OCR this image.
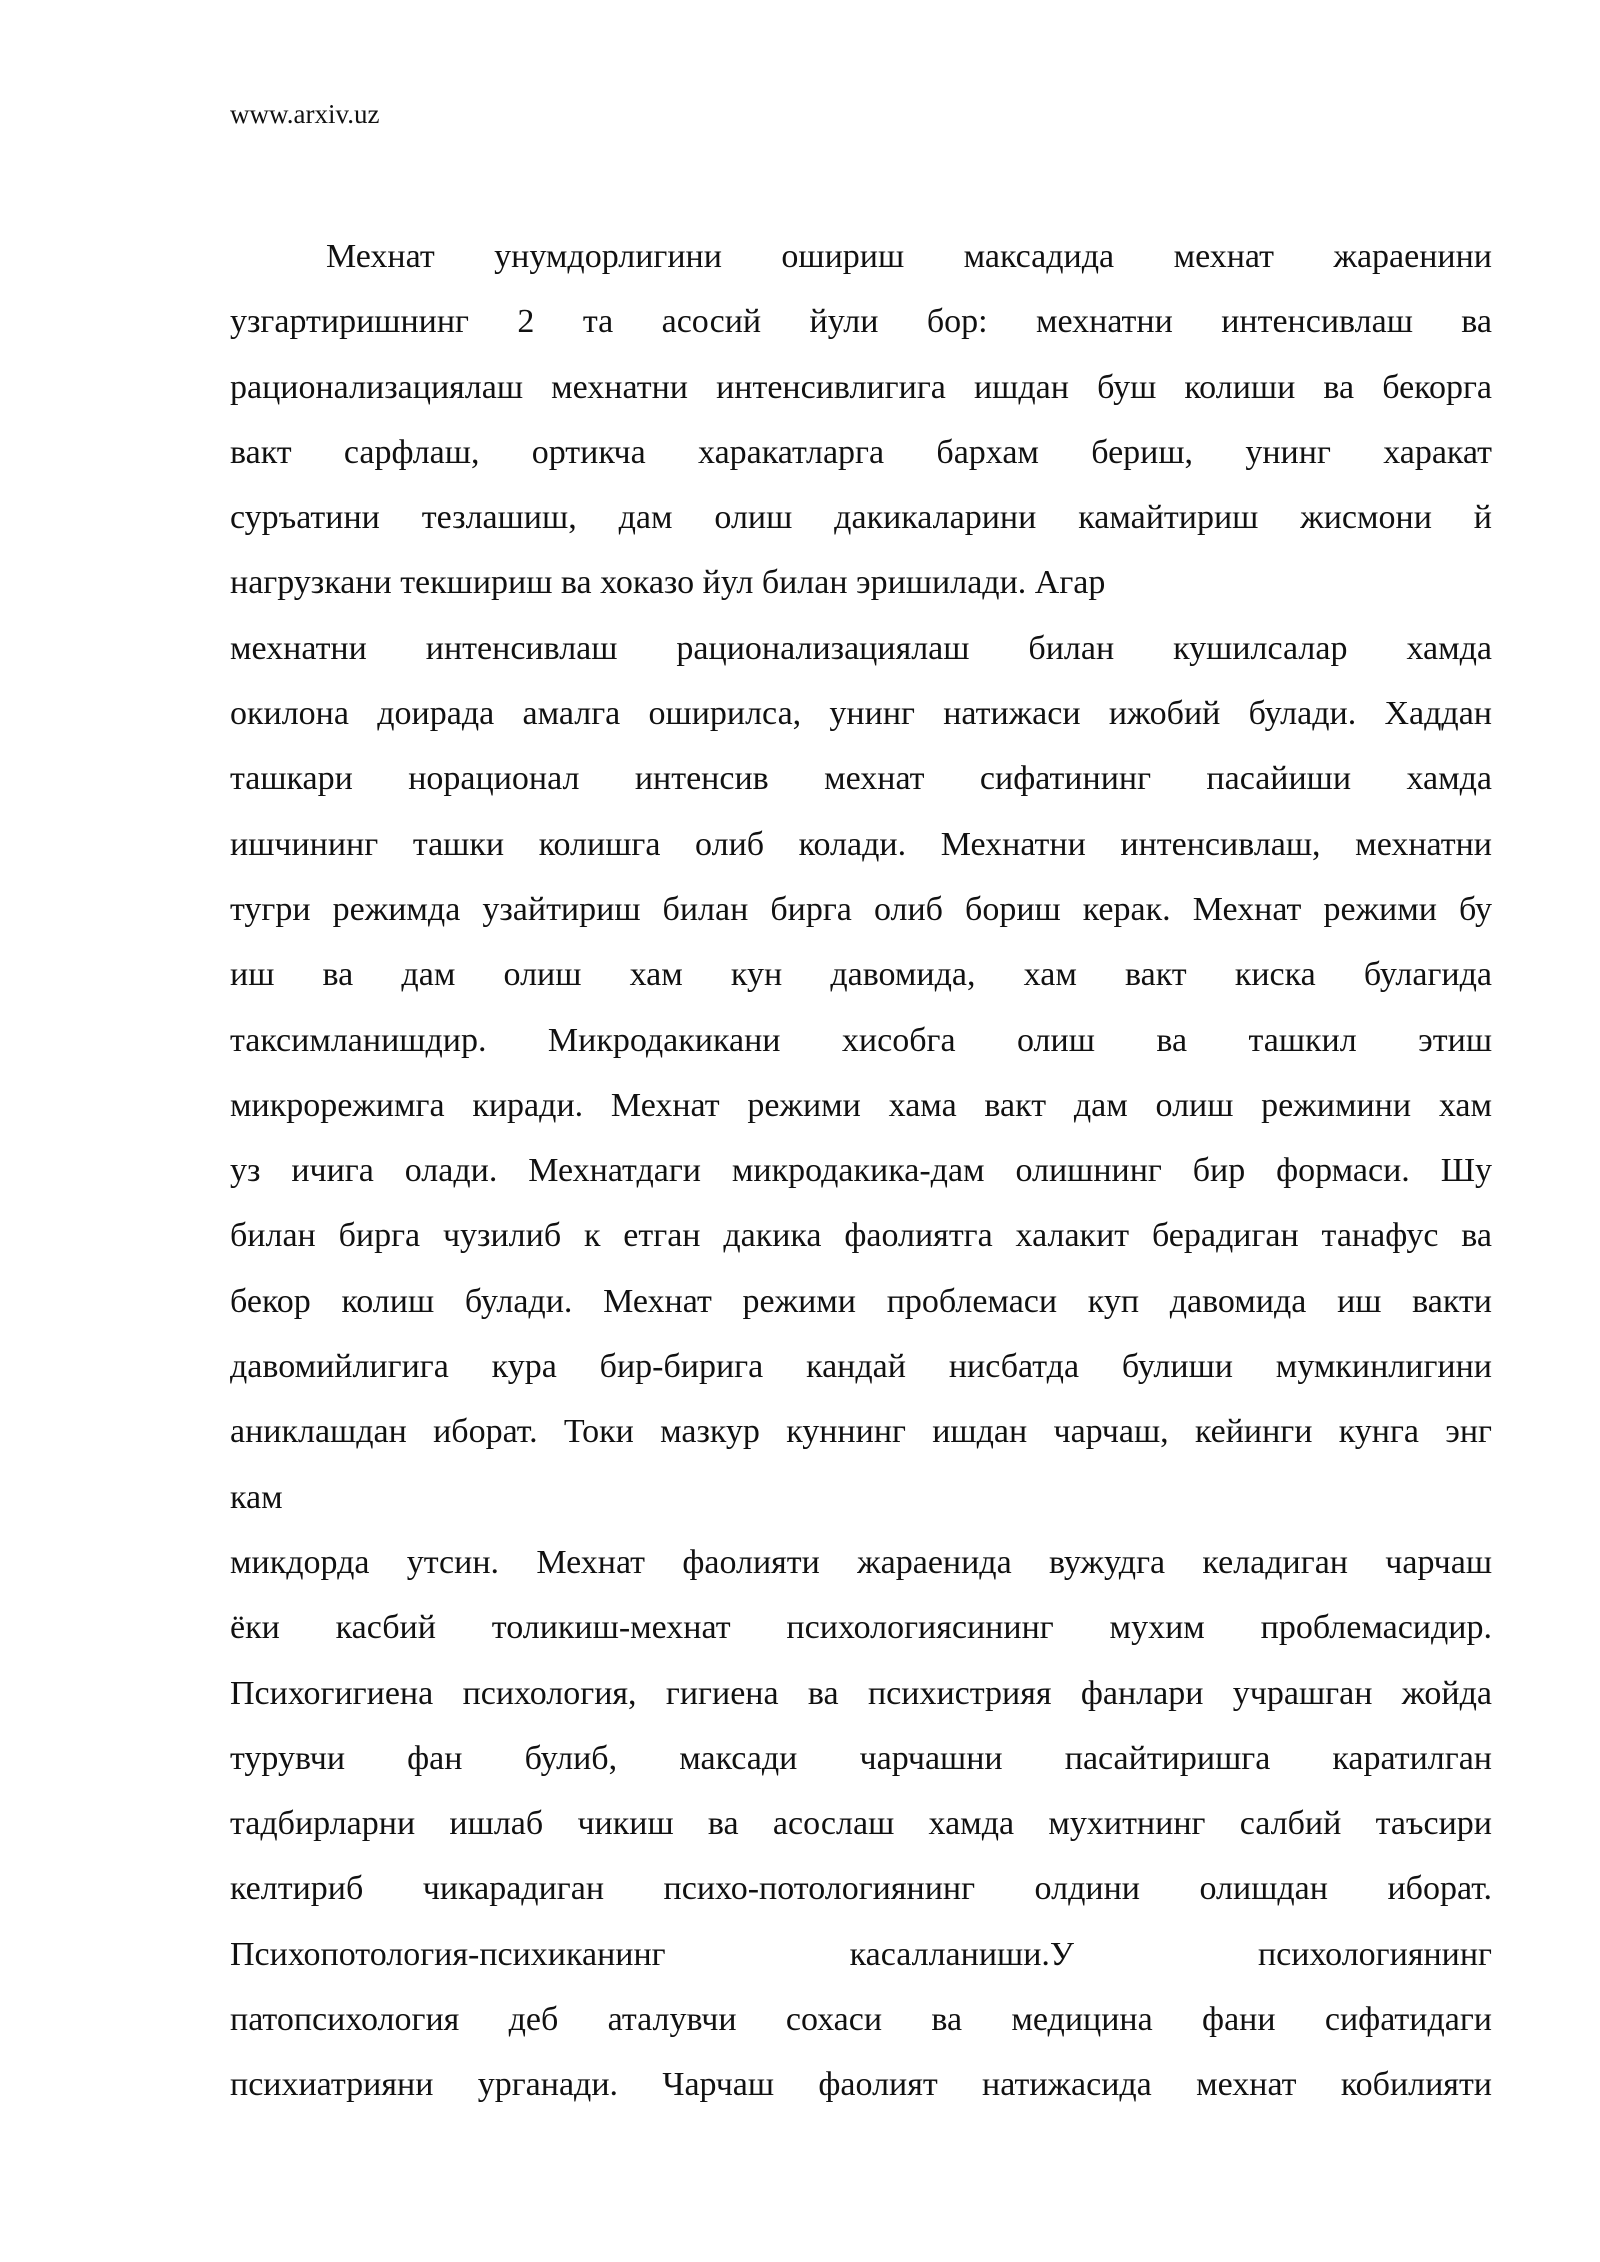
www.arxiv.uz
Мехнат унумдорлигини ошириш максадида мехнат жараенини
узгартиришнинг 2 та асосий йули бор: мехнатни интенсивлаш ва
рационализациялаш мехнатни интенсивлигига ишдан буш колиши ва бекорга
вакт сарфлаш, ортикча харакатларга бархам бериш, унинг харакат
суръатини тезлашиш, дам олиш дакикаларини камайтириш жисмони й
нагрузкани текшириш ва хоказо йул билан эришилади. Агар
мехнатни интенсивлаш рационализациялаш билан кушилсалар хамда
окилона доирада амалга оширилса, унинг натижаси ижобий булади. Хаддан
ташкари норационал интенсив мехнат сифатининг пасайиши хамда
ишчининг ташки колишга олиб колади. Мехнатни интенсивлаш, мехнатни
тугри режимда узайтириш билан бирга олиб бориш керак. Мехнат режими бу
иш ва дам олиш хам кун давомида, хам вакт киска булагида
таксимланишдир. Микродакикани хисобга олиш ва ташкил этиш
микрорежимга киради. Мехнат режими хама вакт дам олиш режимини хам
уз ичига олади. Мехнатдаги микродакика-дам олишнинг бир формаси. Шу
билан бирга чузилиб к етган дакика фаолиятга халакит берадиган танафус ва
бекор колиш булади. Мехнат режими проблемаси куп давомида иш вакти
давомийлигига кура бир-бирига кандай нисбатда булиши мумкинлигини
аниклашдан иборат. Токи мазкур куннинг ишдан чарчаш, кейинги кунга энг
кам
микдорда утсин. Мехнат фаолияти жараенида вужудга келадиган чарчаш
ёки касбий толикиш-мехнат психологиясининг мухим проблемасидир.
Психогигиена психология, гигиена ва психистрияя фанлари учрашган жойда
турувчи фан булиб, максади чарчашни пасайтиришга каратилган
тадбирларни ишлаб чикиш ва асослаш хамда мухитнинг салбий таъсири
келтириб чикарадиган психо-потологиянинг олдини олишдан иборат.
Психопотология-психиканинг касалланиши.У психологиянинг
патопсихология деб аталувчи сохаси ва медицина фани сифатидаги
психиатрияни урганади. Чарчаш фаолият натижасида мехнат кобилияти
